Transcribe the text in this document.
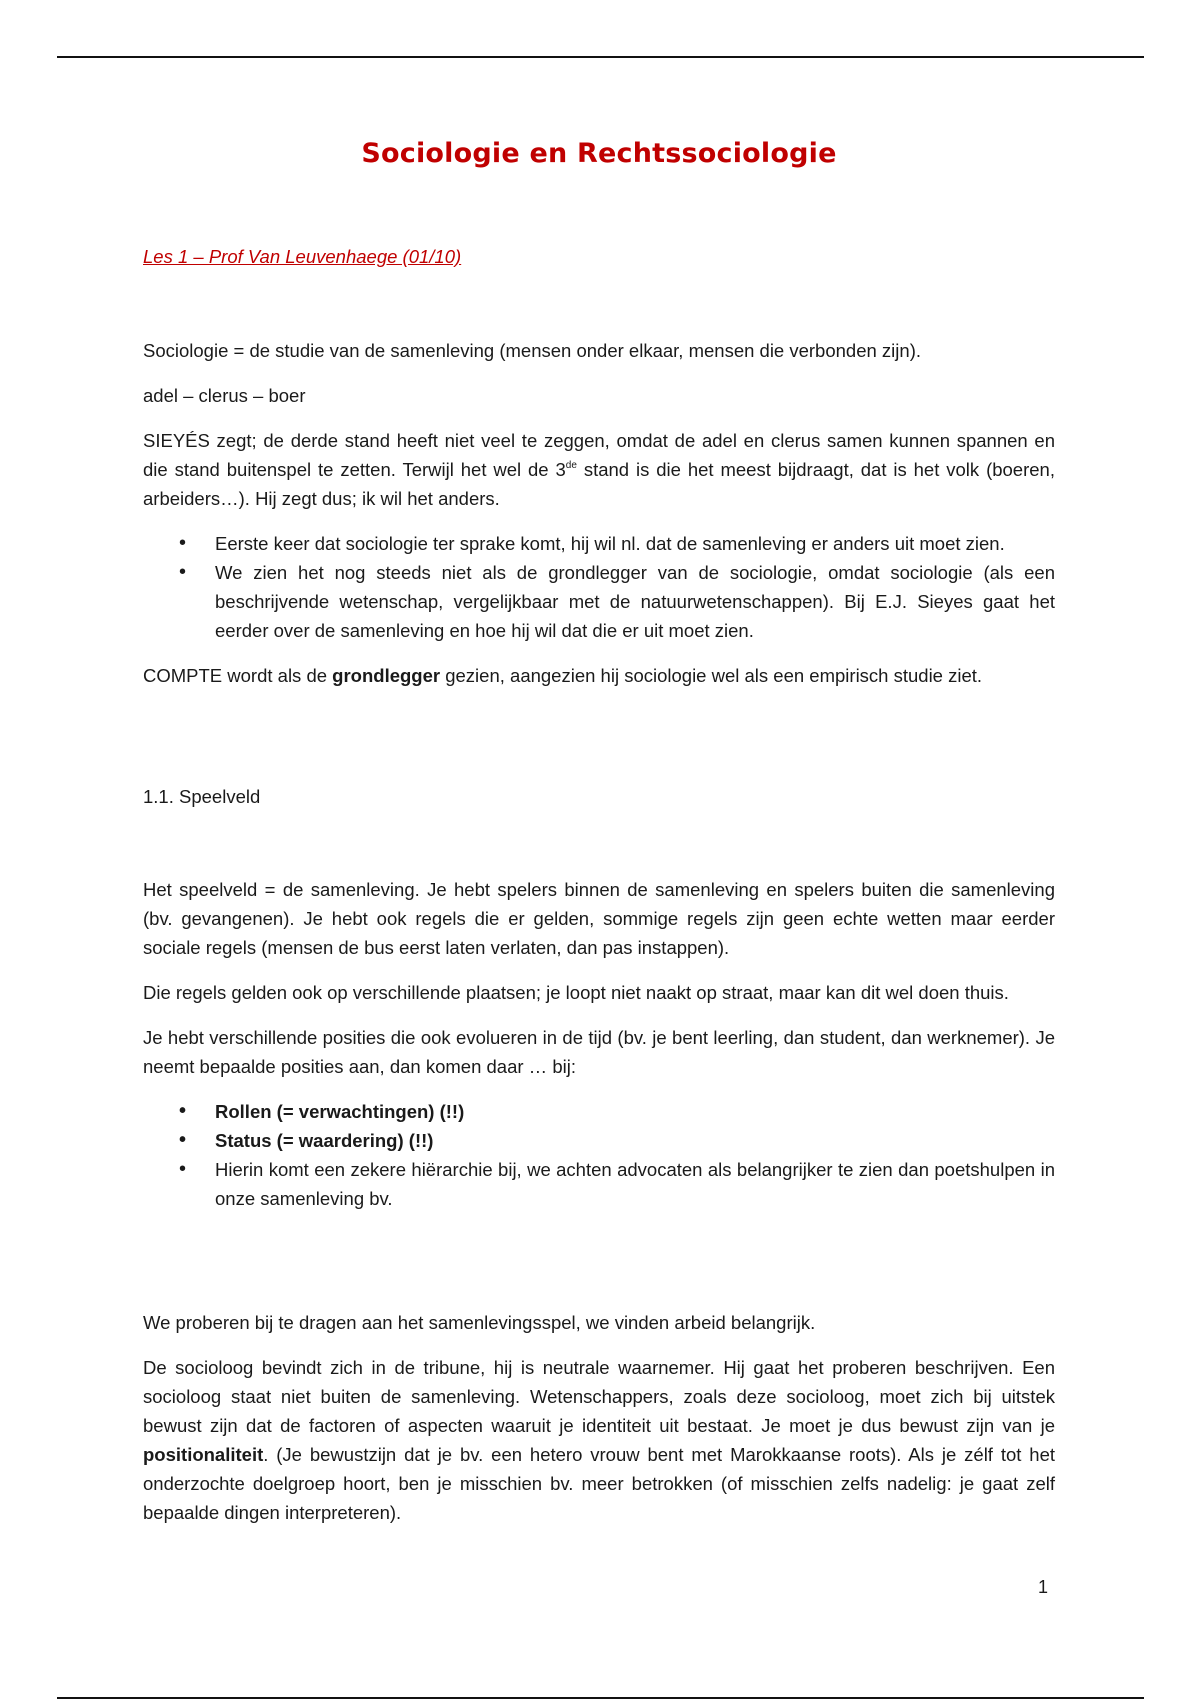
Sociologie en Rechtssociologie

Les 1 – Prof Van Leuvenhaege (01/10)

Sociologie = de studie van de samenleving (mensen onder elkaar, mensen die verbonden zijn).

adel – clerus – boer

SIEYÉS zegt; de derde stand heeft niet veel te zeggen, omdat de adel en clerus samen kunnen spannen en die stand buitenspel te zetten. Terwijl het wel de 3de stand is die het meest bijdraagt, dat is het volk (boeren, arbeiders…). Hij zegt dus; ik wil het anders.

• Eerste keer dat sociologie ter sprake komt, hij wil nl. dat de samenleving er anders uit moet zien.
• We zien het nog steeds niet als de grondlegger van de sociologie, omdat sociologie (als een beschrijvende wetenschap, vergelijkbaar met de natuurwetenschappen). Bij E.J. Sieyes gaat het eerder over de samenleving en hoe hij wil dat die er uit moet zien.

COMPTE wordt als de grondlegger gezien, aangezien hij sociologie wel als een empirisch studie ziet.

1.1. Speelveld

Het speelveld = de samenleving. Je hebt spelers binnen de samenleving en spelers buiten die samenleving (bv. gevangenen). Je hebt ook regels die er gelden, sommige regels zijn geen echte wetten maar eerder sociale regels (mensen de bus eerst laten verlaten, dan pas instappen).

Die regels gelden ook op verschillende plaatsen; je loopt niet naakt op straat, maar kan dit wel doen thuis.

Je hebt verschillende posities die ook evolueren in de tijd (bv. je bent leerling, dan student, dan werknemer). Je neemt bepaalde posities aan, dan komen daar … bij:

• Rollen (= verwachtingen) (!!)
• Status (= waardering) (!!)
• Hierin komt een zekere hiërarchie bij, we achten advocaten als belangrijker te zien dan poetshulpen in onze samenleving bv.

We proberen bij te dragen aan het samenlevingsspel, we vinden arbeid belangrijk.

De socioloog bevindt zich in de tribune, hij is neutrale waarnemer. Hij gaat het proberen beschrijven. Een socioloog staat niet buiten de samenleving. Wetenschappers, zoals deze socioloog, moet zich bij uitstek bewust zijn dat de factoren of aspecten waaruit je identiteit uit bestaat. Je moet je dus bewust zijn van je positionaliteit. (Je bewustzijn dat je bv. een hetero vrouw bent met Marokkaanse roots). Als je zélf tot het onderzochte doelgroep hoort, ben je misschien bv. meer betrokken (of misschien zelfs nadelig: je gaat zelf bepaalde dingen interpreteren).

1
